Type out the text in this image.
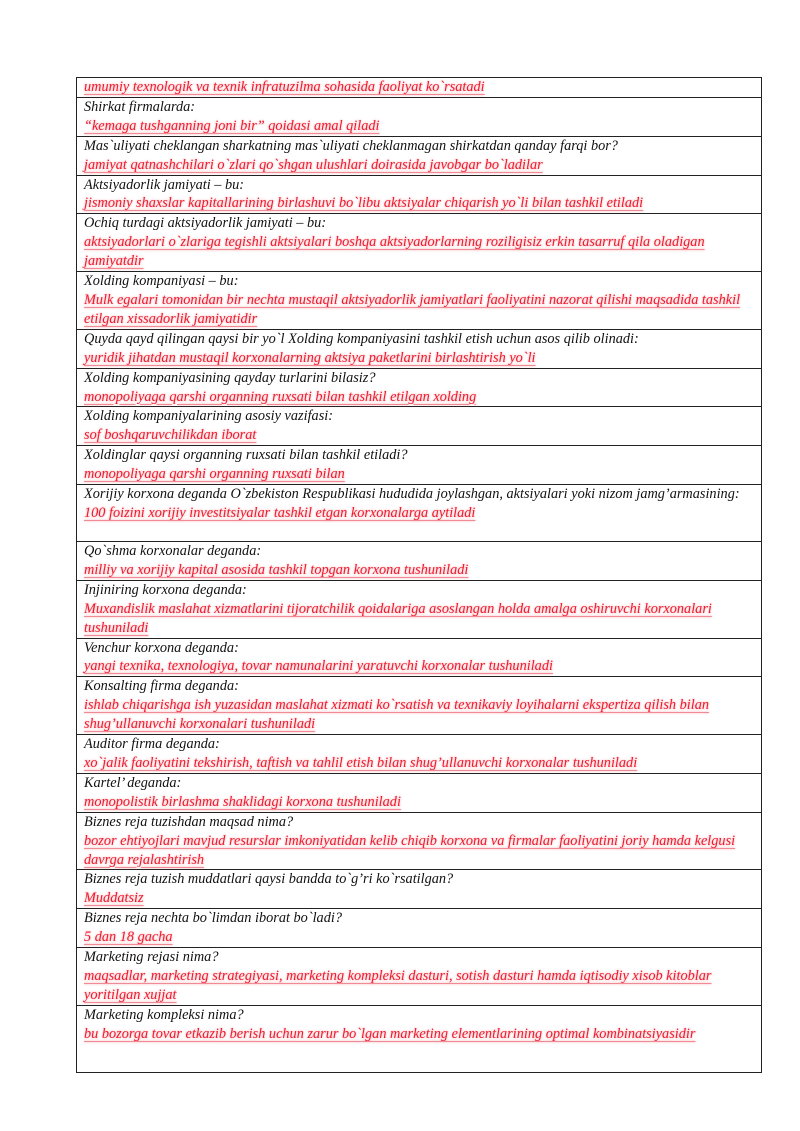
umumiy texnologik va texnik infratuzilma sohasida faoliyat ko`rsatadi

Shirkat firmalarda:
“kemaga tushganning joni bir” qoidasi amal qiladi

Mas`uliyati cheklangan sharkatning mas`uliyati cheklanmagan shirkatdan qanday farqi bor?
jamiyat qatnashchilari o`zlari qo`shgan ulushlari doirasida javobgar bo`ladilar

Aktsiyadorlik jamiyati – bu:
jismoniy shaxslar kapitallarining birlashuvi bo`libu aktsiyalar chiqarish yo`li bilan tashkil etiladi

Ochiq turdagi aktsiyadorlik jamiyati – bu:
aktsiyadorlari o`zlariga tegishli aktsiyalari boshqa aktsiyadorlarning roziligisiz erkin tasarruf qila oladigan jamiyatdir

Xolding kompaniyasi – bu:
Mulk egalari tomonidan bir nechta mustaqil aktsiyadorlik jamiyatlari faoliyatini nazorat qilishi maqsadida tashkil etilgan xissadorlik jamiyatidir

Quyda qayd qilingan qaysi bir yo`l Xolding kompaniyasini tashkil etish uchun asos qilib olinadi:
yuridik jihatdan mustaqil korxonalarning aktsiya paketlarini birlashtirish yo`li

Xolding kompaniyasining qayday turlarini bilasiz?
monopoliyaga qarshi organning ruxsati bilan tashkil etilgan xolding

Xolding kompaniyalarining asosiy vazifasi:
sof boshqaruvchilikdan iborat

Xoldinglar qaysi organning ruxsati bilan tashkil etiladi?
monopoliyaga qarshi organning ruxsati bilan

Xorijiy korxona deganda O`zbekiston Respublikasi hududida joylashgan, aktsiyalari yoki nizom jamg’armasining:
100 foizini xorijiy investitsiyalar tashkil etgan korxonalarga aytiladi

Qo`shma korxonalar deganda:
milliy va xorijiy kapital asosida tashkil topgan korxona tushuniladi

Injiniring korxona deganda:
Muxandislik maslahat xizmatlarini tijoratchilik qoidalariga asoslangan holda amalga oshiruvchi korxonalari tushuniladi

Venchur korxona deganda:
yangi texnika, texnologiya, tovar namunalarini yaratuvchi korxonalar tushuniladi

Konsalting firma deganda:
ishlab chiqarishga ish yuzasidan maslahat xizmati ko`rsatish va texnikaviy loyihalarni ekspertiza qilish bilan shug’ullanuvchi korxonalari tushuniladi

Auditor firma deganda:
xo`jalik faoliyatini tekshirish, taftish va tahlil etish bilan shug’ullanuvchi korxonalar tushuniladi

Kartel’ deganda:
monopolistik birlashma shaklidagi korxona tushuniladi

Biznes reja tuzishdan maqsad nima?
bozor ehtiyojlari mavjud resurslar imkoniyatidan kelib chiqib korxona va firmalar faoliyatini joriy hamda kelgusi davrga rejalashtirish

Biznes reja tuzish muddatlari qaysi bandda to`g’ri ko`rsatilgan?
Muddatsiz

Biznes reja nechta bo`limdan iborat bo`ladi?
5 dan 18 gacha

Marketing rejasi nima?
maqsadlar, marketing strategiyasi, marketing kompleksi dasturi, sotish dasturi hamda iqtisodiy xisob kitoblar yoritilgan xujjat

Marketing kompleksi nima?
bu bozorga tovar etkazib berish uchun zarur bo`lgan marketing elementlarining optimal kombinatsiyasidir
